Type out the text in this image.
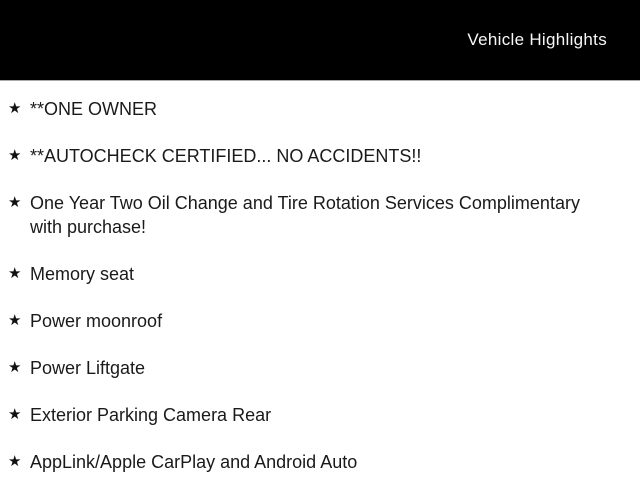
Vehicle Highlights
★ **ONE OWNER
★ **AUTOCHECK CERTIFIED... NO ACCIDENTS!!
★ One Year Two Oil Change and Tire Rotation Services Complimentary with purchase!
★ Memory seat
★ Power moonroof
★ Power Liftgate
★ Exterior Parking Camera Rear
★ AppLink/Apple CarPlay and Android Auto
